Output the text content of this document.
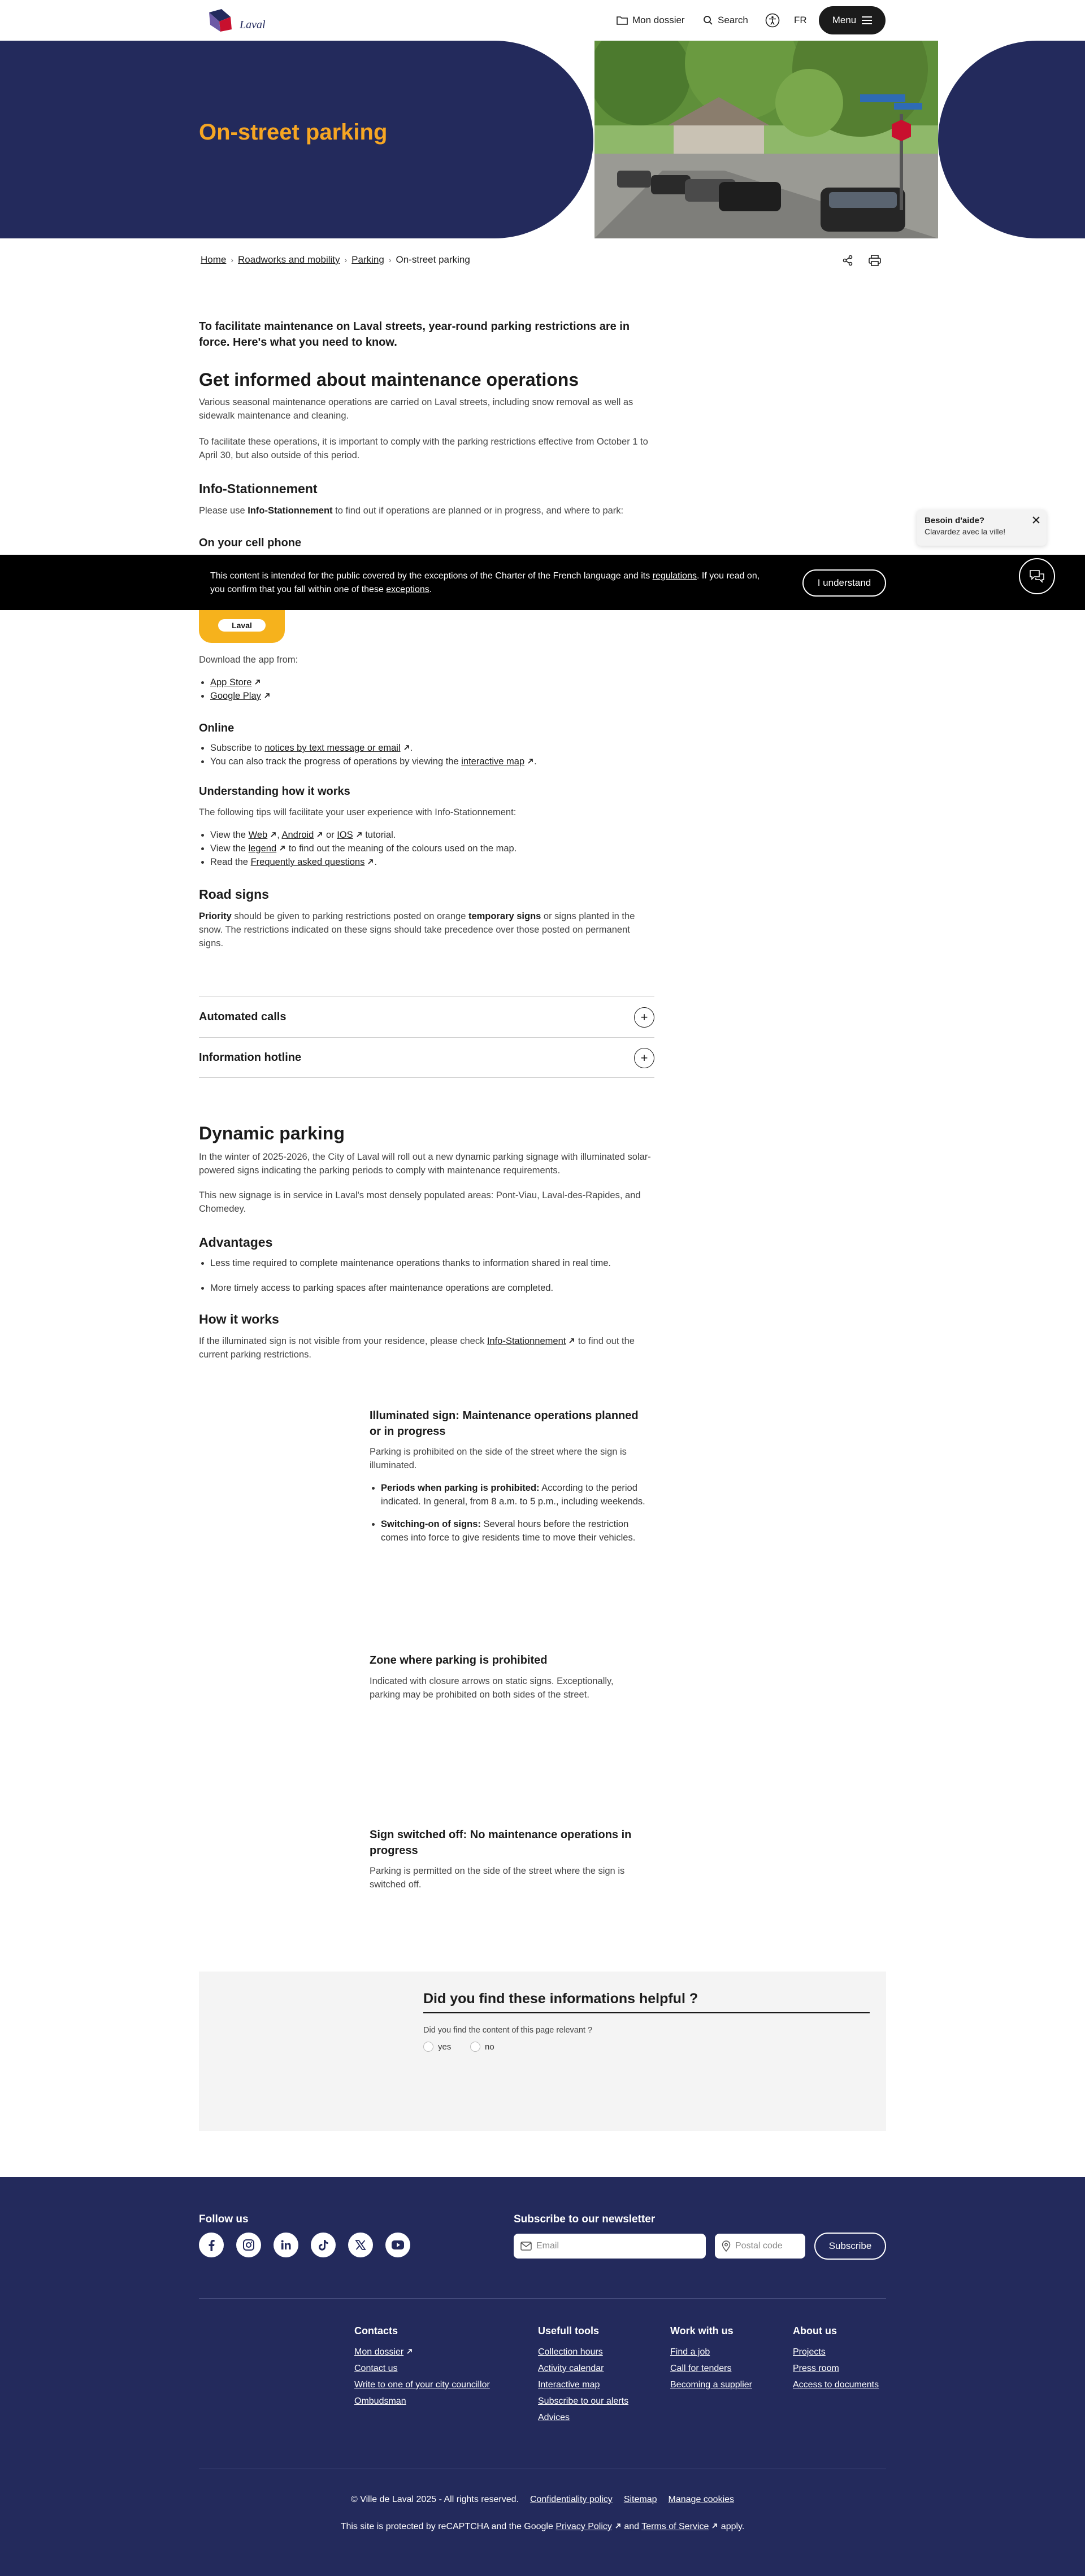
Laval	Mon dossier	Search	FR	Menu
On-street parking
Home › Roadworks and mobility › Parking › On-street parking

To facilitate maintenance on Laval streets, year-round parking restrictions are in force. Here's what you need to know.

Get informed about maintenance operations

Various seasonal maintenance operations are carried on Laval streets, including snow removal as well as sidewalk maintenance and cleaning.

To facilitate these operations, it is important to comply with the parking restrictions effective from October 1 to April 30, but also outside of this period.

Info-Stationnement

Please use Info-Stationnement to find out if operations are planned or in progress, and where to park:

On your cell phone
Laval

Download the app from:

• App Store
• Google Play
Online
• Subscribe to notices by text message or email .
• You can also track the progress of operations by viewing the interactive map .
Understanding how it works

The following tips will facilitate your user experience with Info-Stationnement:

• View the Web , Android or IOS tutorial.
• View the legend to find out the meaning of the colours used on the map.
• Read the Frequently asked questions .
Road signs

Priority should be given to parking restrictions posted on orange temporary signs or signs planted in the snow. The restrictions indicated on these signs should take precedence over those posted on permanent signs.

Automated calls	+
Information hotline	+
Dynamic parking

In the winter of 2025-2026, the City of Laval will roll out a new dynamic parking signage with illuminated solar-powered signs indicating the parking periods to comply with maintenance requirements.

This new signage is in service in Laval's most densely populated areas: Pont-Viau, Laval-des-Rapides, and Chomedey.

Advantages
• Less time required to complete maintenance operations thanks to information shared in real time.
• More timely access to parking spaces after maintenance operations are completed.
How it works

If the illuminated sign is not visible from your residence, please check Info-Stationnement to find out the current parking restrictions.

Illuminated sign: Maintenance operations planned or in progress

Parking is prohibited on the side of the street where the sign is illuminated.

• Periods when parking is prohibited: According to the period indicated. In general, from 8 a.m. to 5 p.m., including weekends.
• Switching-on of signs: Several hours before the restriction comes into force to give residents time to move their vehicles.
Zone where parking is prohibited

Indicated with closure arrows on static signs. Exceptionally, parking may be prohibited on both sides of the street.

Sign switched off: No maintenance operations in progress

Parking is permitted on the side of the street where the sign is switched off.

Did you find these informations helpful ?

Did you find the content of this page relevant ?

yes	no
Besoin d'aide?
Clavardez avec la ville!

This content is intended for the public covered by the exceptions of the Charter of the French language and its regulations. If you read on, you confirm that you fall within one of these exceptions.

I understand
Follow us	Subscribe to our newsletter
Email	Postal code	Subscribe
Contacts
Mon dossier
Contact us
Write to one of your city councillor
Ombudsman
Usefull tools
Collection hours
Activity calendar
Interactive map
Subscribe to our alerts
Advices
Work with us
Find a job
Call for tenders
Becoming a supplier
About us
Projects
Press room
Access to documents
© Ville de Laval 2025 - All rights reserved. Confidentiality policy Sitemap Manage cookies
This site is protected by reCAPTCHA and the Google Privacy Policy and Terms of Service apply.
